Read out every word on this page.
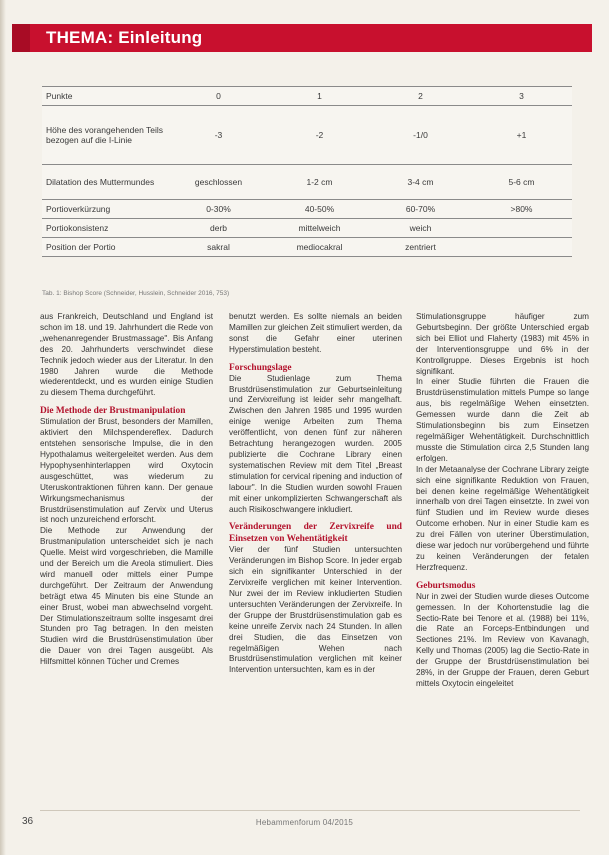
THEMA: Einleitung
Punkte	0	1	2	3
Höhe des vorangehenden Teils bezogen auf die I-Linie	-3	-2	-1/0	+1
Dilatation des Muttermundes	geschlossen	1-2 cm	3-4 cm	5-6 cm
Portioverkürzung	0-30%	40-50%	60-70%	>80%
Portiokonsistenz	derb	mittelweich	weich	
Position der Portio	sakral	medioсakral	zentriert	
Tab. 1: Bishop Score (Schneider, Husslein, Schneider 2016, 753)

aus Frankreich, Deutschland und England ist schon im 18. und 19. Jahrhundert die Rede von „wehenanregender Brustmassage". Bis Anfang des 20. Jahrhunderts verschwindet diese Technik jedoch wieder aus der Literatur. In den 1980 Jahren wurde die Methode wiederentdeckt, und es wurden einige Studien zu diesem Thema durchgeführt.

Die Methode der Brustmanipulation

Stimulation der Brust, besonders der Mamillen, aktiviert den Milchspendereflex. Dadurch entstehen sensorische Impulse, die in den Hypothalamus weitergeleitet werden. Aus dem Hypophysenhinterlappen wird Oxytocin ausgeschüttet, was wiederum zu Uteruskontraktionen führen kann. Der genaue Wirkungsmechanismus der Brustdrüsenstimulation auf Zervix und Uterus ist noch unzureichend erforscht.

Die Methode zur Anwendung der Brustmanipulation unterscheidet sich je nach Quelle. Meist wird vorgeschrieben, die Mamille und der Bereich um die Areola stimuliert. Dies wird manuell oder mittels einer Pumpe durchgeführt. Der Zeitraum der Anwendung beträgt etwa 45 Minuten bis eine Stunde an einer Brust, wobei man abwechselnd vorgeht. Der Stimulationszeitraum sollte insgesamt drei Stunden pro Tag betragen. In den meisten Studien wird die Brustdrüsenstimulation über die Dauer von drei Tagen ausgeübt. Als Hilfsmittel können Tücher und Cremes

benutzt werden. Es sollte niemals an beiden Mamillen zur gleichen Zeit stimuliert werden, da sonst die Gefahr einer uterinen Hyperstimulation besteht.

Forschungslage

Die Studienlage zum Thema Brustdrüsenstimulation zur Geburtseinleitung und Zervixreifung ist leider sehr mangelhaft. Zwischen den Jahren 1985 und 1995 wurden einige wenige Arbeiten zum Thema veröffentlicht, von denen fünf zur näheren Betrachtung herangezogen wurden. 2005 publizierte die Cochrane Library einen systematischen Review mit dem Titel „Breast stimulation for cervical ripening and induction of labour". In die Studien wurden sowohl Frauen mit einer unkomplizierten Schwangerschaft als auch Risikoschwangere inkludiert.

Veränderungen der Zervixreife und Einsetzen von Wehentätigkeit

Vier der fünf Studien untersuchten Veränderungen im Bishop Score. In jeder ergab sich ein signifikanter Unterschied in der Zervixreife verglichen mit keiner Intervention. Nur zwei der im Review inkludierten Studien untersuchten Veränderungen der Zervixreife. In der Gruppe der Brustdrüsenstimulation gab es keine unreife Zervix nach 24 Stunden. In allen drei Studien, die das Einsetzen von regelmäßigen Wehen nach Brustdrüsenstimulation verglichen mit keiner Intervention untersuchten, kam es in der

Stimulationsgruppe häufiger zum Geburtsbeginn. Der größte Unterschied ergab sich bei Elliot und Flaherty (1983) mit 45% in der Interventionsgruppe und 6% in der Kontrollgruppe. Dieses Ergebnis ist hoch signifikant.

In einer Studie führten die Frauen die Brustdrüsenstimulation mittels Pumpe so lange aus, bis regelmäßige Wehen einsetzten. Gemessen wurde dann die Zeit ab Stimulationsbeginn bis zum Einsetzen regelmäßiger Wehentätigkeit. Durchschnittlich musste die Stimulation circa 2,5 Stunden lang erfolgen.

In der Metaanalyse der Cochrane Library zeigte sich eine signifikante Reduktion von Frauen, bei denen keine regelmäßige Wehentätigkeit innerhalb von drei Tagen einsetzte. In zwei von fünf Studien und im Review wurde dieses Outcome erhoben. Nur in einer Studie kam es zu drei Fällen von uteriner Überstimulation, diese war jedoch nur vorübergehend und führte zu keinen Veränderungen der fetalen Herzfrequenz.

Geburtsmodus

Nur in zwei der Studien wurde dieses Outcome gemessen. In der Kohortenstudie lag die Sectio-Rate bei Tenore et al. (1988) bei 11%, die Rate an Forceps-Entbindungen und Sectiones 21%. Im Review von Kavanagh, Kelly und Thomas (2005) lag die Sectio-Rate in der Gruppe der Brustdrüsenstimulation bei 28%, in der Gruppe der Frauen, deren Geburt mittels Oxytocin eingeleitet

36	Hebammenforum 04/2015
